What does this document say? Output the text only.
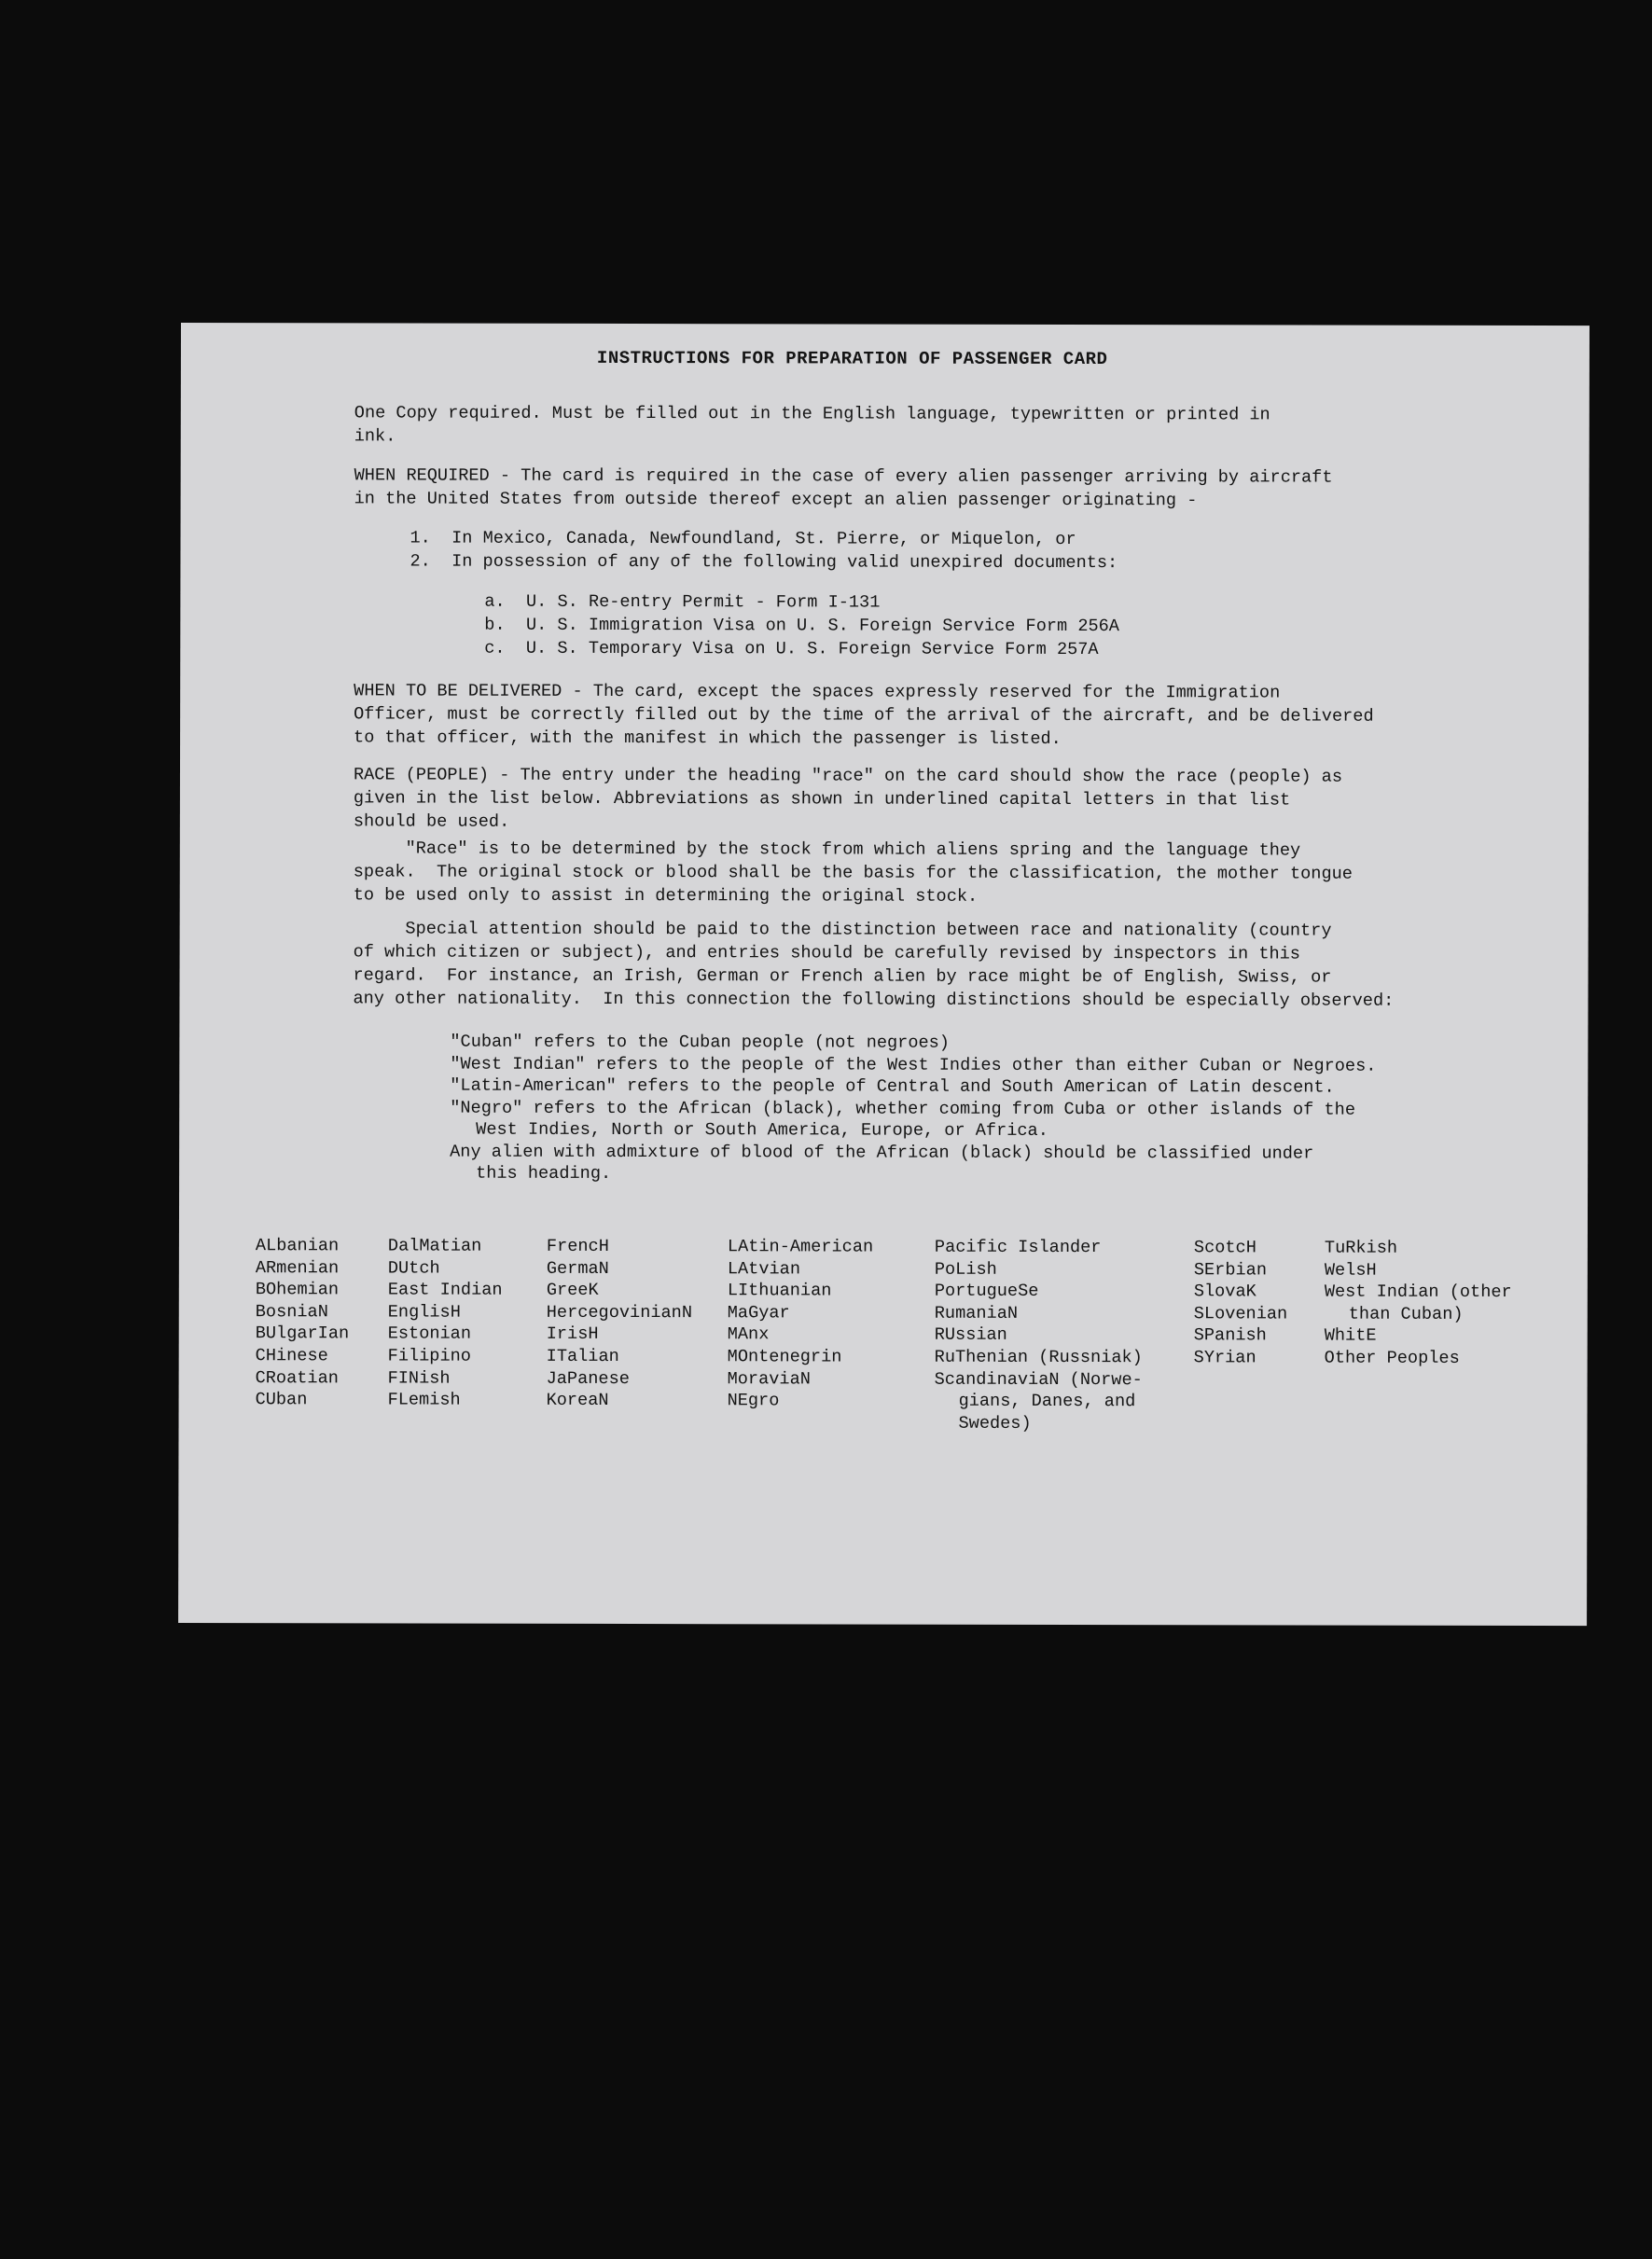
INSTRUCTIONS FOR PREPARATION OF PASSENGER CARD

One Copy required. Must be filled out in the English language, typewritten or printed in
ink.

WHEN REQUIRED - The card is required in the case of every alien passenger arriving by aircraft
in the United States from outside thereof except an alien passenger originating -

1.  In Mexico, Canada, Newfoundland, St. Pierre, or Miquelon, or
2.  In possession of any of the following valid unexpired documents:
a.  U. S. Re-entry Permit - Form I-131
b.  U. S. Immigration Visa on U. S. Foreign Service Form 256A
c.  U. S. Temporary Visa on U. S. Foreign Service Form 257A

WHEN TO BE DELIVERED - The card, except the spaces expressly reserved for the Immigration
Officer, must be correctly filled out by the time of the arrival of the aircraft, and be delivered
to that officer, with the manifest in which the passenger is listed.

RACE (PEOPLE) - The entry under the heading "race" on the card should show the race (people) as
given in the list below. Abbreviations as shown in underlined capital letters in that list
should be used.

"Race" is to be determined by the stock from which aliens spring and the language they
speak.  The original stock or blood shall be the basis for the classification, the mother tongue
to be used only to assist in determining the original stock.

Special attention should be paid to the distinction between race and nationality (country
of which citizen or subject), and entries should be carefully revised by inspectors in this
regard.  For instance, an Irish, German or French alien by race might be of English, Swiss, or
any other nationality.  In this connection the following distinctions should be especially observed:

"Cuban" refers to the Cuban people (not negroes)
"West Indian" refers to the people of the West Indies other than either Cuban or Negroes.
"Latin-American" refers to the people of Central and South American of Latin descent.
"Negro" refers to the African (black), whether coming from Cuba or other islands of the
West Indies, North or South America, Europe, or Africa.
Any alien with admixture of blood of the African (black) should be classified under
this heading.
ALbanian
ARmenian
BOhemian
BosniaN
BUlgarIan
CHinese
CRoatian
CUban
DalMatian
DUtch
East Indian
EnglisH
Estonian
Filipino
FINish
FLemish
FrencH
GermaN
GreeK
HercegovinianN
IrisH
ITalian
JaPanese
KoreaN
LAtin-American
LAtvian
LIthuanian
MaGyar
MAnx
MOntenegrin
MoraviaN
NEgro
Pacific Islander
PoLish
PortugueSe
RumaniaN
RUssian
RuThenian (Russniak)
ScandinaviaN (Norwe-
gians, Danes, and
Swedes)
ScotcH
SErbian
SlovaK
SLovenian
SPanish
SYrian
TuRkish
WelsH
West Indian (other
than Cuban)
WhitE
Other Peoples
